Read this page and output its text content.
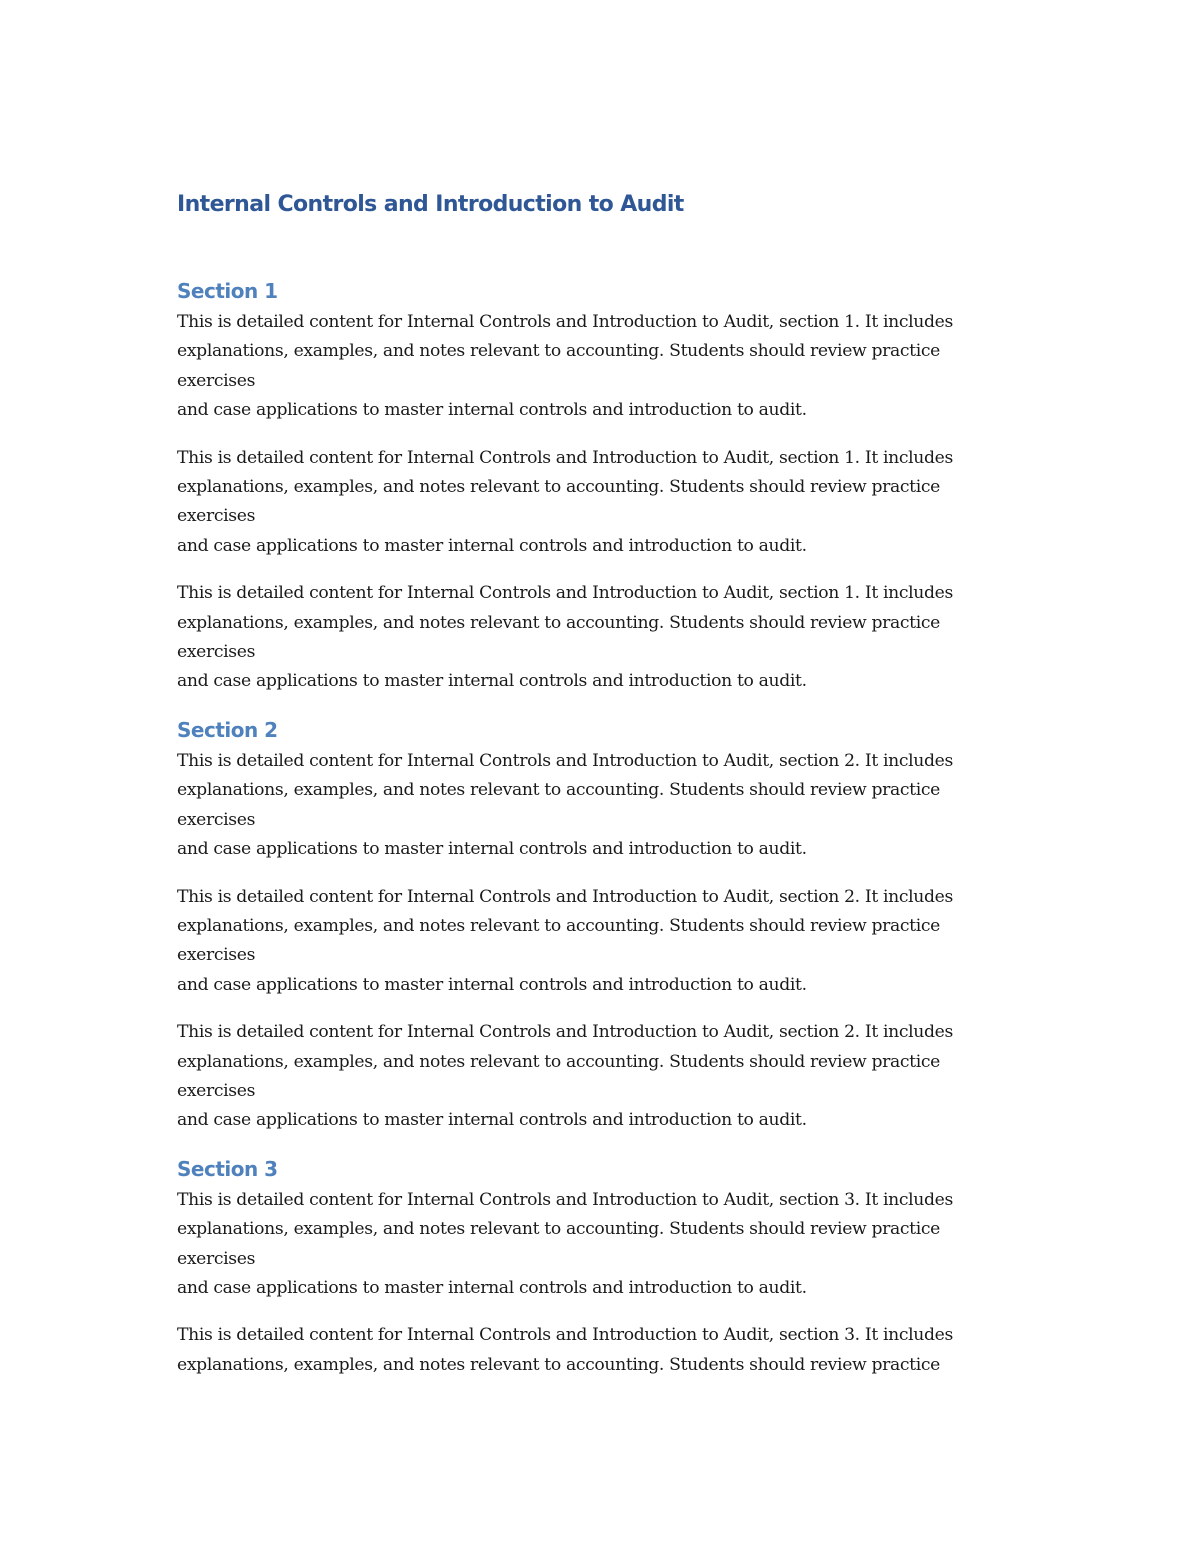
Internal Controls and Introduction to Audit
Section 1

This is detailed content for Internal Controls and Introduction to Audit, section 1. It includes
explanations, examples, and notes relevant to accounting. Students should review practice
exercises
and case applications to master internal controls and introduction to audit.

This is detailed content for Internal Controls and Introduction to Audit, section 1. It includes
explanations, examples, and notes relevant to accounting. Students should review practice
exercises
and case applications to master internal controls and introduction to audit.

This is detailed content for Internal Controls and Introduction to Audit, section 1. It includes
explanations, examples, and notes relevant to accounting. Students should review practice
exercises
and case applications to master internal controls and introduction to audit.

Section 2

This is detailed content for Internal Controls and Introduction to Audit, section 2. It includes
explanations, examples, and notes relevant to accounting. Students should review practice
exercises
and case applications to master internal controls and introduction to audit.

This is detailed content for Internal Controls and Introduction to Audit, section 2. It includes
explanations, examples, and notes relevant to accounting. Students should review practice
exercises
and case applications to master internal controls and introduction to audit.

This is detailed content for Internal Controls and Introduction to Audit, section 2. It includes
explanations, examples, and notes relevant to accounting. Students should review practice
exercises
and case applications to master internal controls and introduction to audit.

Section 3

This is detailed content for Internal Controls and Introduction to Audit, section 3. It includes
explanations, examples, and notes relevant to accounting. Students should review practice
exercises
and case applications to master internal controls and introduction to audit.

This is detailed content for Internal Controls and Introduction to Audit, section 3. It includes
explanations, examples, and notes relevant to accounting. Students should review practice
